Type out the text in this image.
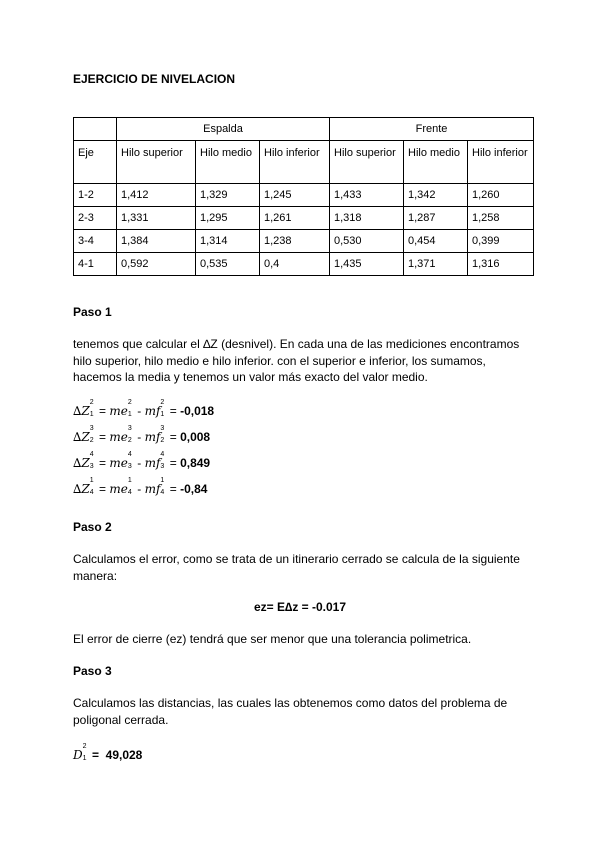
EJERCICIO DE NIVELACION
	Espalda			Frente		
Eje	Hilo superior	Hilo medio	Hilo inferior	Hilo superior	Hilo medio	Hilo inferior
1-2	1,412	1,329	1,245	1,433	1,342	1,260
2-3	1,331	1,295	1,261	1,318	1,287	1,258
3-4	1,384	1,314	1,238	0,530	0,454	0,399
4-1	0,592	0,535	0,4	1,435	1,371	1,316
Paso 1
tenemos que calcular el ∆Z (desnivel). En cada una de las mediciones encontramos hilo superior, hilo medio e hilo inferior. con el superior e inferior, los sumamos, hacemos la media y tenemos un valor más exacto del valor medio.
∆Z
2
1 = me
2
1 - mf
2
1 = -0,018
∆Z
3
2 = me
3
2 - mf
3
2 = 0,008
∆Z
4
3 = me
4
3 - mf
4
3 = 0,849
∆Z
1
4 = me
1
4 - mf
1
4 = -0,84
Paso 2
Calculamos el error, como se trata de un itinerario cerrado se calcula de la siguiente manera:
ez= E∆z = -0.017
El error de cierre (ez) tendrá que ser menor que una tolerancia polimetrica.
Paso 3
Calculamos las distancias, las cuales las obtenemos como datos del problema de poligonal cerrada.
D
2
1 = 49,028
